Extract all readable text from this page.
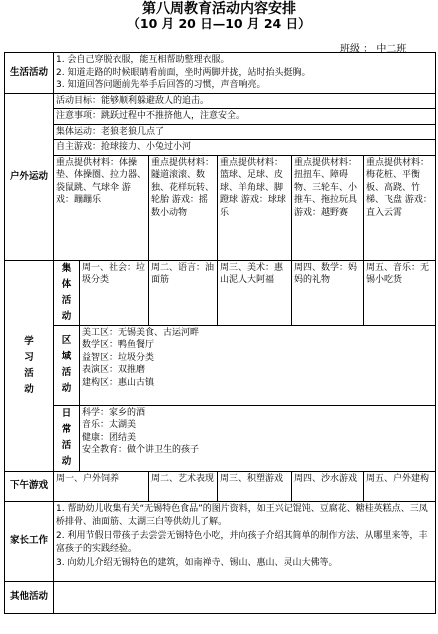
第八周教育活动内容安排
（10 月 20 日—10 月 24 日）
班级 ： 中二班
生活活动	1. 会自己穿脱衣服，能互相帮助整理衣服。
2. 知道走路的时候眼睛看前面，坐时两脚并拢，站时抬头挺胸。
3. 知道回答问题前先举手后回答的习惯，声音响亮。					

户外运动	活动目标：能够顺利躲避敌人的追击。
注意事项：跳跃过程中不推挤他人，注意安全。
集体运动：老狼老狼几点了
自主游戏：抢球接力、小兔过小河					

	重点提供材料：体操垫、体操圈、拉力器、袋鼠跳、气球伞 游戏：蹦蹦乐		重点提供材料：隧道滚滚、数独、花样玩转、轮胎 游戏：摇数小动物	重点提供材料：篮球、足球、皮球、羊角球、脚蹬球 游戏：球球乐	重点提供材料：扭扭车、障碍物、三轮车、小推车、拖拉玩具 游戏：越野赛	重点提供材料：梅花桩、平衡板、高跷、竹梯、飞盘 游戏：直入云霄
学习活动	集体活动	周一、社会：垃圾分类	周二、语言：油面筋	周三、美术：惠山泥人大阿福	周四、数学：妈妈的礼物	周五、音乐：无锡小吃货
	区域活动	美工区：无锡美食、古运河畔
数学区：鸭鱼餐厅
益智区：垃圾分类
表演区：双推磨
建构区：惠山古镇				

	日常活动	科学：家乡的酒
音乐：太湖美
健康：团结美
安全教育：做个讲卫生的孩子				

下午游戏	周一、户外饲养		周二、艺术表现	周三、积塑游戏	周四、沙水游戏	周五、户外建构
家长工作	1. 帮助幼儿收集有关“无锡特色食品”的图片资料，如王兴记馄饨、豆腐花、糖桂英糕点、三凤桥排骨、油面筋、太湖三白等供幼儿了解。
2. 利用节假日带孩子去尝尝无锡特色小吃，并向孩子介绍其简单的制作方法、从哪里来等，丰富孩子的实践经验。
3. 向幼儿介绍无锡特色的建筑，如南禅寺、锡山、惠山、灵山大佛等。					

其他活动						
